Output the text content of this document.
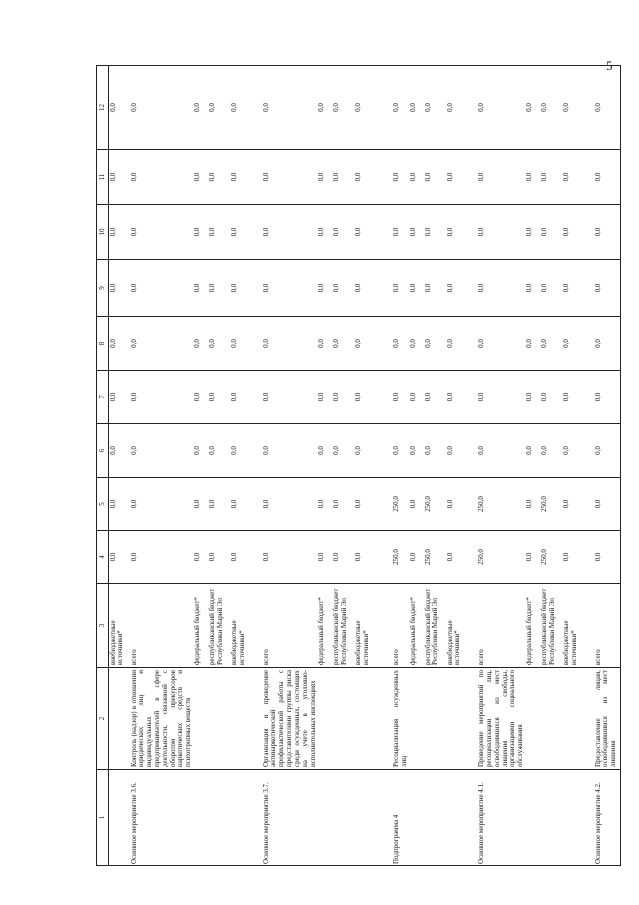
5
1	2	3	4	5	6	7	8	9	10	11	12
		внебюджетные источники*	0,0	0,0	0,0	0,0	0,0	0,0	0,0	0,0	0,0
Основное мероприятие 3.6.	Контроль (надзор) в отношении юридических лиц и индивидуальных предпринимателей в сфере деятельности, связанной с оборотом прекурсоров наркотических средств и психотропных веществ	всего	0,0	0,0	0,0	0,0	0,0	0,0	0,0	0,0	0,0
		федеральный бюджет*	0,0	0,0	0,0	0,0	0,0	0,0	0,0	0,0	0,0
		республиканский бюджет Республики Марий Эл	0,0	0,0	0,0	0,0	0,0	0,0	0,0	0,0	0,0
		внебюджетные источники*	0,0	0,0	0,0	0,0	0,0	0,0	0,0	0,0	0,0
Основное мероприятие 3.7.	Организация и проведение антинаркотической профилактической работы с представителями группы риска среди осужденных, состоящих на учете в уголовно-исполнительных инспекциях	всего	0,0	0,0	0,0	0,0	0,0	0,0	0,0	0,0	0,0
		федеральный бюджет*	0,0	0,0	0,0	0,0	0,0	0,0	0,0	0,0	0,0
		республиканский бюджет Республики Марий Эл	0,0	0,0	0,0	0,0	0,0	0,0	0,0	0,0	0,0
		внебюджетные источники*	0,0	0,0	0,0	0,0	0,0	0,0	0,0	0,0	0,0
Подпрограмма 4	Ресоциализация осужденных лиц	всего	250,0	250,0	0,0	0,0	0,0	0,0	0,0	0,0	0,0
		федеральный бюджет*	0,0	0,0	0,0	0,0	0,0	0,0	0,0	0,0	0,0
		республиканский бюджет Республики Марий Эл	250,0	250,0	0,0	0,0	0,0	0,0	0,0	0,0	0,0
		внебюджетные источники*	0,0	0,0	0,0	0,0	0,0	0,0	0,0	0,0	0,0
Основное мероприятие 4.1.	Проведение мероприятий по ресоциализации лиц, освободившихся из мест лишения свободы, организациями социального обслуживания	всего	250,0	250,0	0,0	0,0	0,0	0,0	0,0	0,0	0,0
		федеральный бюджет*	0,0	0,0	0,0	0,0	0,0	0,0	0,0	0,0	0,0
		республиканский бюджет Республики Марий Эл	250,0	250,0	0,0	0,0	0,0	0,0	0,0	0,0	0,0
		внебюджетные источники*	0,0	0,0	0,0	0,0	0,0	0,0	0,0	0,0	0,0
Основное мероприятие 4.2.	Предоставление лицам, освободившимся из мест лишения	всего	0,0	0,0	0,0	0,0	0,0	0,0	0,0	0,0	0,0
